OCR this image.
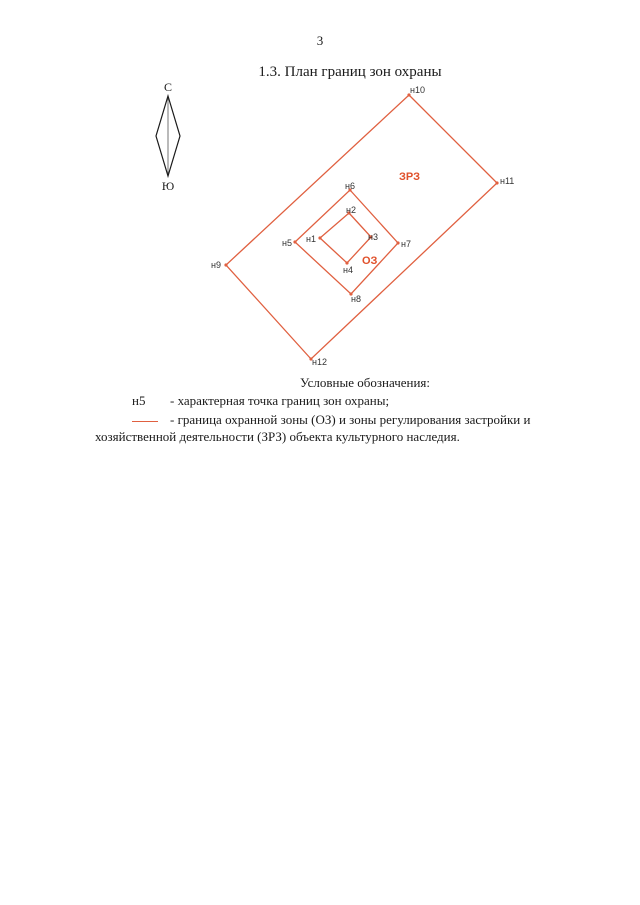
3
1.3. План границ зон охраны
С
Ю
н10
н11
н12
н9
н6
н7
н8
н5
н2
н3
н4
н1
ЗРЗ
ОЗ
Условные обозначения:
н5 - характерная точка границ зон охраны;
- граница охранной зоны (ОЗ) и зоны регулирования застройки и
хозяйственной деятельности (ЗРЗ) объекта культурного наследия.
